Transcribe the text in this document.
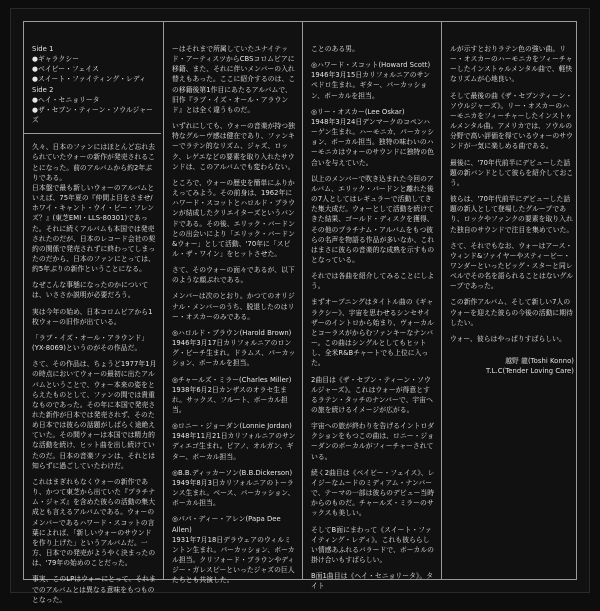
Side 1

●ギャラクシー

●ベイビー・フェイス

●スイート・ファイティング・レディ

Side 2

●ヘイ・セニョリータ

●ザ・セブン・ティーン・ソウルジャーズ

久々、日本のファンにはほとんど忘れ去られていたウォーの新作が発売されることになった。前のアルバムから約2年ぶりである。
日本盤で最も新しいウォーのアルバムといえば、75年夏の『仲間よ目をさませ/ホワイ・キャント・ウイ・ビー・フレンズ？』(東芝EMI・LLS-80301)であった。それに続くアルバムも本国では発売されたのだが、日本のレコード会社の契約の関係で発売されずに終わってしまったのだから、日本のファンにとっては、約5年ぶりの新作ということになる。

なぜこんな事態になったのかについては、いささか説明が必要だろう。

実は今年の始め、日本コロムビアから1枚ウォーの旧作が出ている。

「ラブ・イズ・オール・アラウンド」(YX-8069)というのがその作品だ。

さて、その作品は、ちょうど1977年1月の時点においてウォーの最初に出たアルバムということで、ウォー本来の姿をとらえたものとして、ファンの間では貴重なものであった。その年に本国で発売された新作が日本では発売されず、そのため日本では彼らの話題がしばらく途絶えていた。その間ウォーは本国では精力的な活動を続け、ヒット曲を出し続けていたのだ。日本の音楽ファンは、それとは知らずに過ごしていたわけだ。

これはまぎれもなくウォーの新作であり、かつて東芝から出ていた『プラチナム・ジャズ』を含めた彼らの活動の集大成とも言えるアルバムである。ウォーのメンバーであるハワード・スコットの言葉によれば、「新しいウォーのサウンドを作り上げた」というアルバムだ。一方、日本での発売がようやく決まったのは、'79年の始めのことだった。

事実、このLPはウォーにとって、それまでのアルバムとは異なる意味をもつものとなった。

ーはそれまで所属していたユナイテッド・アーティスツからCBSコロムビアに移籍、また、それに伴いメンバーの入れ替えもあった。ここに紹介するのは、この移籍後第1作目にあたるアルバムで、旧作『ラブ・イズ・オール・アラウンド』とは全く違うものだ。

いずれにしても、ウォーの音楽が持つ独特なグルーヴ感は健在であり、ファンキーでラテン的なリズム、ジャズ、ロック、レゲエなどの要素を取り入れたサウンドは、このアルバムでも変わらない。

ところで、ウォーの歴史を簡単にふりかえってみよう。その前身は、1962年にハワード・スコットとハロルド・ブラウンが結成したクリエイターズというバンドである。その後、エリック・バードンとの出会いにより「エリック・バードン&ウォー」として活動、'70年に「スピル・ザ・ワイン」をヒットさせた。

さて、そのウォーの面々であるが、以下のような顔ぶれである。

メンバーは次のとおり。かつてのオリジナル・メンバーのうち、脱退したのはリー・オスカーのみである。

◎ハロルド・ブラウン(Harold Brown)
1946年3月17日カリフォルニアのロング・ビーチ生まれ。ドラムス、パーカッション、ボーカルを担当。

◎チャールズ・ミラー(Charles Miller)
1938年6月2日カンザスのオラセ生まれ。サックス、フルート、ボーカル担当。

◎ロニー・ジョーダン(Lonnie Jordan)
1948年11月21日カリフォルニアのサンディエゴ生まれ。ピアノ、オルガン、ギター、ボーカル担当。

◎B.B.ディッカーソン(B.B.Dickerson)
1949年8月3日カリフォルニアのトーランス生まれ。ベース、パーカッション、ボーカル担当。

◎パパ・ディー・アレン(Papa Dee Allen)
1931年7月18日デラウェアのウィルミントン生まれ。パーカッション、ボーカル担当。クリフォード・ブラウンやディジー・ガレスピーといったジャズの巨人たちとも共演した。

ことのある男。

◎ハワード・スコット(Howard Scott)
1946年3月15日カリフォルニアのサンペドロ生まれ。ギター、パーカッション、ボーカルを担当。

◎リー・オスカー(Lee Oskar)
1948年3月24日デンマークのコペンハーゲン生まれ。ハーモニカ、パーカッション、ボーカル担当。独特の味わいのハーモニカはウォーのサウンドに独特の色合いを与えていた。

以上のメンバーで吹き込まれた今回のアルバム、エリック・バードンと離れた後の7人としてはレギュラーで活動してきた集大成だ。ウォーとして活動を続けてきた結果、ゴールド・ディスクを獲得、その他のプラチナム・アルバムをもつ彼らの名声を物語る作品が多いなか、これはまさに彼らの音楽的な成熟を示すものとなっている。

それでは各曲を紹介してみることにしよう。

まずオープニングはタイトル曲の《ギャラクシー》、宇宙を思わせるシンセサイザーのイントロから始まり、ヴォーカルとコーラスがからむファンキーなナンバー。この曲はシングルとしてもヒットし、全米R&Bチャートでも上位に入った。

2曲目は《ザ・セブン・ティーン・ソウルジャーズ》。これはウォーが得意とするラテン・タッチのナンバーで、宇宙への旅を続けるイメージが広がる。

宇宙への旅が終わりを告げるイントロダクションをもつこの曲は、ロニー・ジョーダンのボーカルがフィーチャーされている。

続く2曲目は《ベイビー・フェイス》、レイジーなムードのミディアム・ナンバーで、テーマの一部は彼らのデビュー当時からのものだ。チャールズ・ミラーのサックスも美しい。

そしてB面にまわって《スイート・ファイティング・レディ》。これも彼ららしい情感あふれるバラードで、ボーカルの掛け合いもすばらしい。

B面1曲目は《ヘイ・セニョリータ》。タイト

ルが示すとおりラテン色の強い曲。リー・オスカーのハーモニカをフィーチャーしたインストゥルメンタル曲で、軽快なリズムが心地良い。

そして最後の曲《ザ・セブンティーン・ソウルジャーズ》。リー・オスカーのハーモニカをフィーチャーしたインストゥルメンタル曲。アメリカでは、ソウルの分野で高い評価を得ているウォーのサウンドが一気に楽しめる曲である。

最後に、'70年代前半にデビューした話題の新バンドとして彼らを紹介しておこう。

彼らは、'70年代前半にデビューした話題の新人として登場したグループであり、ロックやファンクの要素を取り入れた独自のサウンドで注目を集めていた。

さて、それでもなお、ウォーはアース・ウィンド&ファイヤーやスティービー・ワンダーといったビッグ・スターと同レベルでその名を語られることはないグループであった。

この新作アルバム、そして新しい7人のウォーを迎えた彼らの今後の活動に期待したい。

ウォー、彼らはやっぱりすばらしい。

越野 龍(Toshi Konno)

T.L.C(Tender Loving Care)
